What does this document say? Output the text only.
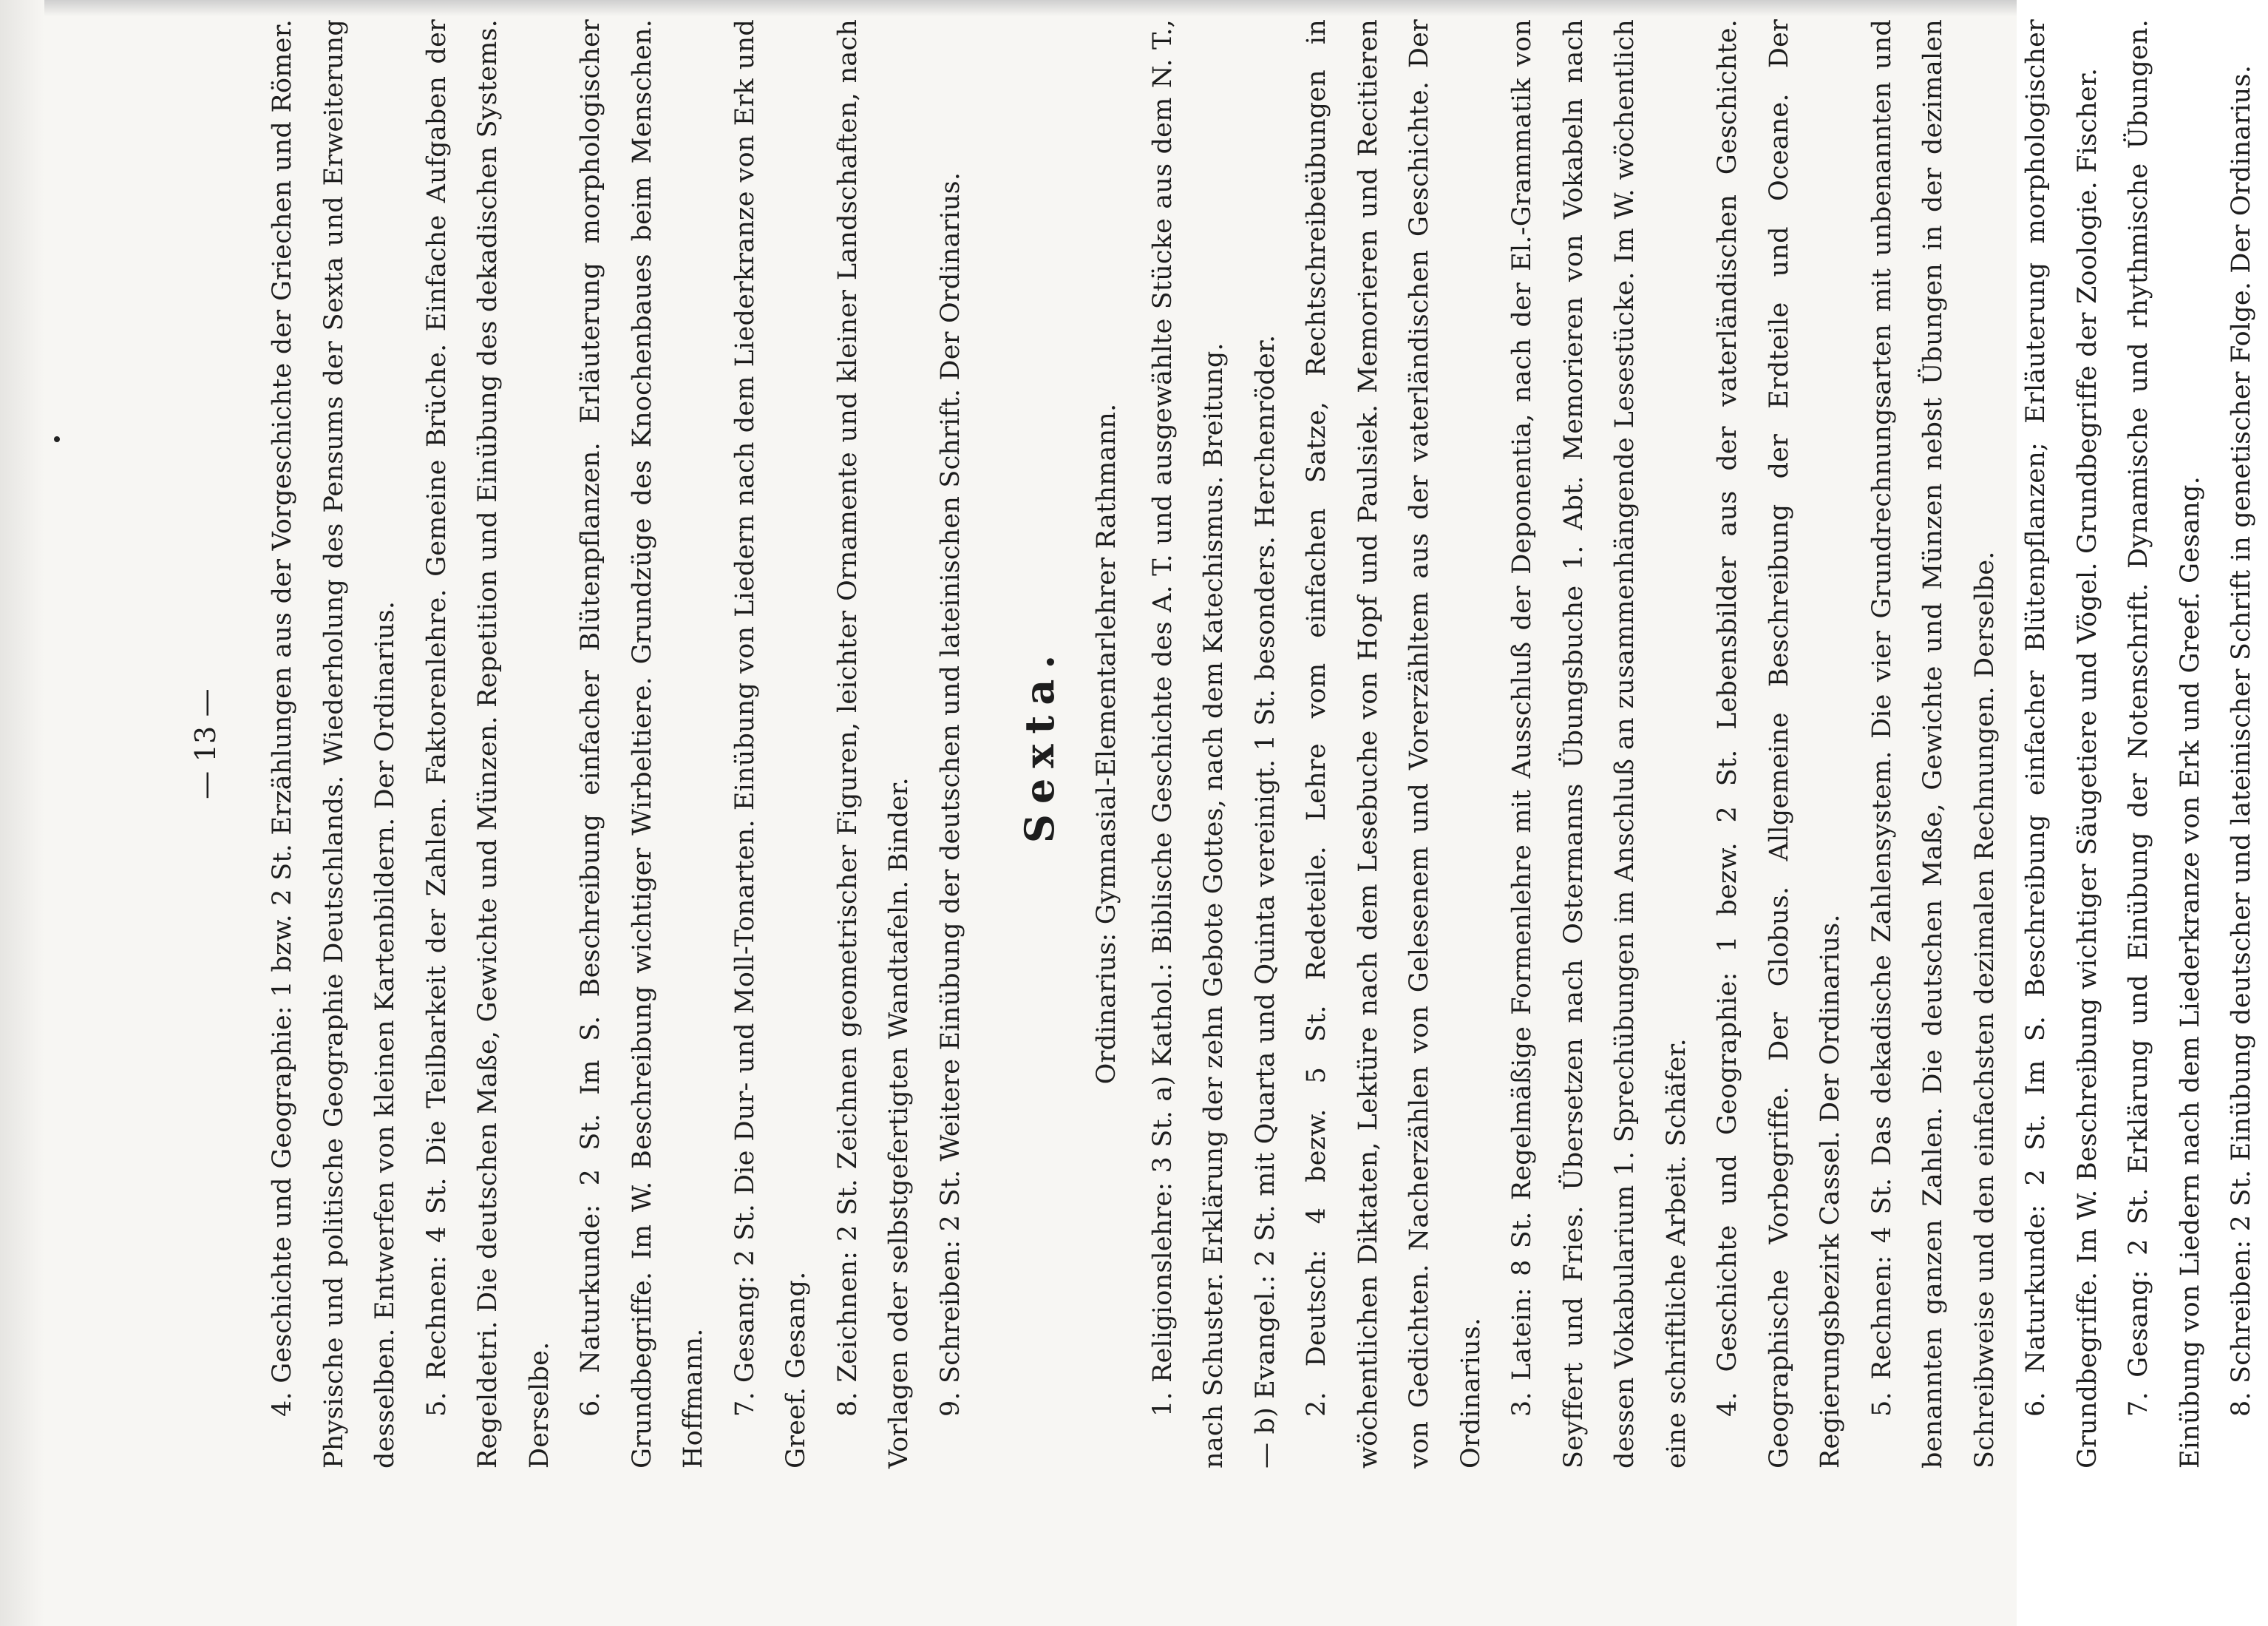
— 13 —	4. Geschichte und Geographie: 1 bzw. 2 St. Erzählungen aus der Vorgeschichte der Griechen und Römer. Physische und politische Geographie Deutschlands. Wiederholung des Pensums der Sexta und Erweiterung desselben. Entwerfen von kleinen Kartenbildern. Der Ordinarius. 5. Rechnen: 4 St. Die Teilbarkeit der Zahlen. Faktorenlehre. Gemeine Brüche. Einfache Aufgaben der Regeldetri. Die deutschen Maße, Gewichte und Münzen. Repetition und Einübung des dekadischen Systems. Derselbe. 6. Naturkunde: 2 St. Im S. Beschreibung einfacher Blütenpflanzen. Erläuterung morphologischer Grundbegriffe. Im W. Beschreibung wichtiger Wirbeltiere. Grundzüge des Knochenbaues beim Menschen. Hoffmann. 7. Gesang: 2 St. Die Dur- und Moll-Tonarten. Einübung von Liedern nach dem Liederkranze von Erk und Greef. Gesang. 8. Zeichnen: 2 St. Zeichnen geometrischer Figuren, leichter Ornamente und kleiner Landschaften, nach Vorlagen oder selbstgefertigten Wandtafeln. Binder. 9. Schreiben: 2 St. Weitere Einübung der deutschen und lateinischen Schrift. Der Ordinarius. Sexta.	Ordinarius: Gymnasial-Elementarlehrer Rathmann.	1. Religionslehre: 3 St. a) Kathol.: Biblische Geschichte des A. T. und ausgewählte Stücke aus dem N. T., nach Schuster. Erklärung der zehn Gebote Gottes, nach dem Katechismus. Breitung. — b) Evangel.: 2 St. mit Quarta und Quinta vereinigt. 1 St. besonders. Herchenröder. 2. Deutsch: 4 bezw. 5 St. Redeteile. Lehre vom einfachen Satze, Rechtschreibeübungen in wöchentlichen Diktaten, Lektüre nach dem Lesebuche von Hopf und Paulsiek. Memorieren und Recitieren von Gedichten. Nacherzählen von Gelesenem und Vorerzähltem aus der vaterländischen Geschichte. Der Ordinarius. 3. Latein: 8 St. Regelmäßige Formenlehre mit Ausschluß der Deponentia, nach der El.-Grammatik von Seyffert und Fries. Übersetzen nach Ostermanns Übungsbuche 1. Abt. Memorieren von Vokabeln nach dessen Vokabularium 1. Sprechübungen im Anschluß an zusammenhängende Lesestücke. Im W. wöchentlich eine schriftliche Arbeit. Schäfer. 4. Geschichte und Geographie: 1 bezw. 2 St. Lebensbilder aus der vaterländischen Geschichte. Geographische Vorbegriffe. Der Globus. Allgemeine Beschreibung der Erdteile und Oceane. Der Regierungsbezirk Cassel. Der Ordinarius. 5. Rechnen: 4 St. Das dekadische Zahlensystem. Die vier Grundrechnungsarten mit unbenannten und benannten ganzen Zahlen. Die deutschen Maße, Gewichte und Münzen nebst Übungen in der dezimalen Schreibweise und den einfachsten dezimalen Rechnungen. Derselbe. 6. Naturkunde: 2 St. Im S. Beschreibung einfacher Blütenpflanzen; Erläuterung morphologischer Grundbegriffe. Im W. Beschreibung wichtiger Säugetiere und Vögel. Grundbegriffe der Zoologie. Fischer. 7. Gesang: 2 St. Erklärung und Einübung der Notenschrift. Dynamische und rhythmische Übungen. Einübung von Liedern nach dem Liederkranze von Erk und Greef. Gesang. 8. Schreiben: 2 St. Einübung deutscher und lateinischer Schrift in genetischer Folge. Der Ordinarius.
